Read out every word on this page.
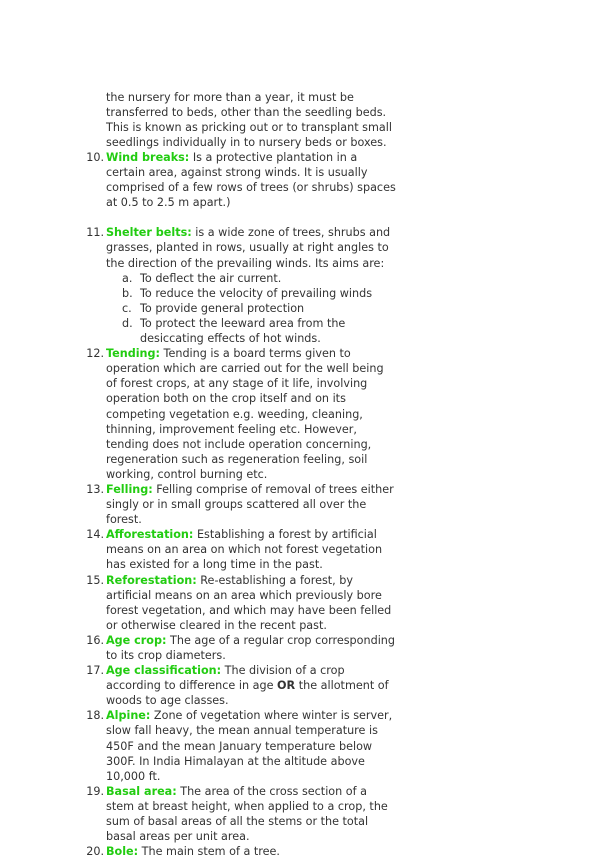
the nursery for more than a year, it must be transferred to beds, other than the seedling beds. This is known as pricking out or to transplant small seedlings individually in to nursery beds or boxes.

10. Wind breaks: Is a protective plantation in a certain area, against strong winds. It is usually comprised of a few rows of trees (or shrubs) spaces at 0.5 to 2.5 m apart.)
11. Shelter belts: is a wide zone of trees, shrubs and grasses, planted in rows, usually at right angles to the direction of the prevailing winds. Its aims are:
a. To deflect the air current.
b. To reduce the velocity of prevailing winds
c. To provide general protection
d. To protect the leeward area from the desiccating effects of hot winds.
12. Tending: Tending is a board terms given to operation which are carried out for the well being of forest crops, at any stage of it life, involving operation both on the crop itself and on its competing vegetation e.g. weeding, cleaning, thinning, improvement feeling etc. However, tending does not include operation concerning, regeneration such as regeneration feeling, soil working, control burning etc.
13. Felling: Felling comprise of removal of trees either singly or in small groups scattered all over the forest.
14. Afforestation: Establishing a forest by artificial means on an area on which not forest vegetation has existed for a long time in the past.
15. Reforestation: Re-establishing a forest, by artificial means on an area which previously bore forest vegetation, and which may have been felled or otherwise cleared in the recent past.
16. Age crop: The age of a regular crop corresponding to its crop diameters.
17. Age classification: The division of a crop according to difference in age OR the allotment of woods to age classes.
18. Alpine: Zone of vegetation where winter is server, slow fall heavy, the mean annual temperature is 450F and the mean January temperature below 300F. In India Himalayan at the altitude above 10,000 ft.
19. Basal area: The area of the cross section of a stem at breast height, when applied to a crop, the sum of basal areas of all the stems or the total basal areas per unit area.
20. Bole: The main stem of a tree.
